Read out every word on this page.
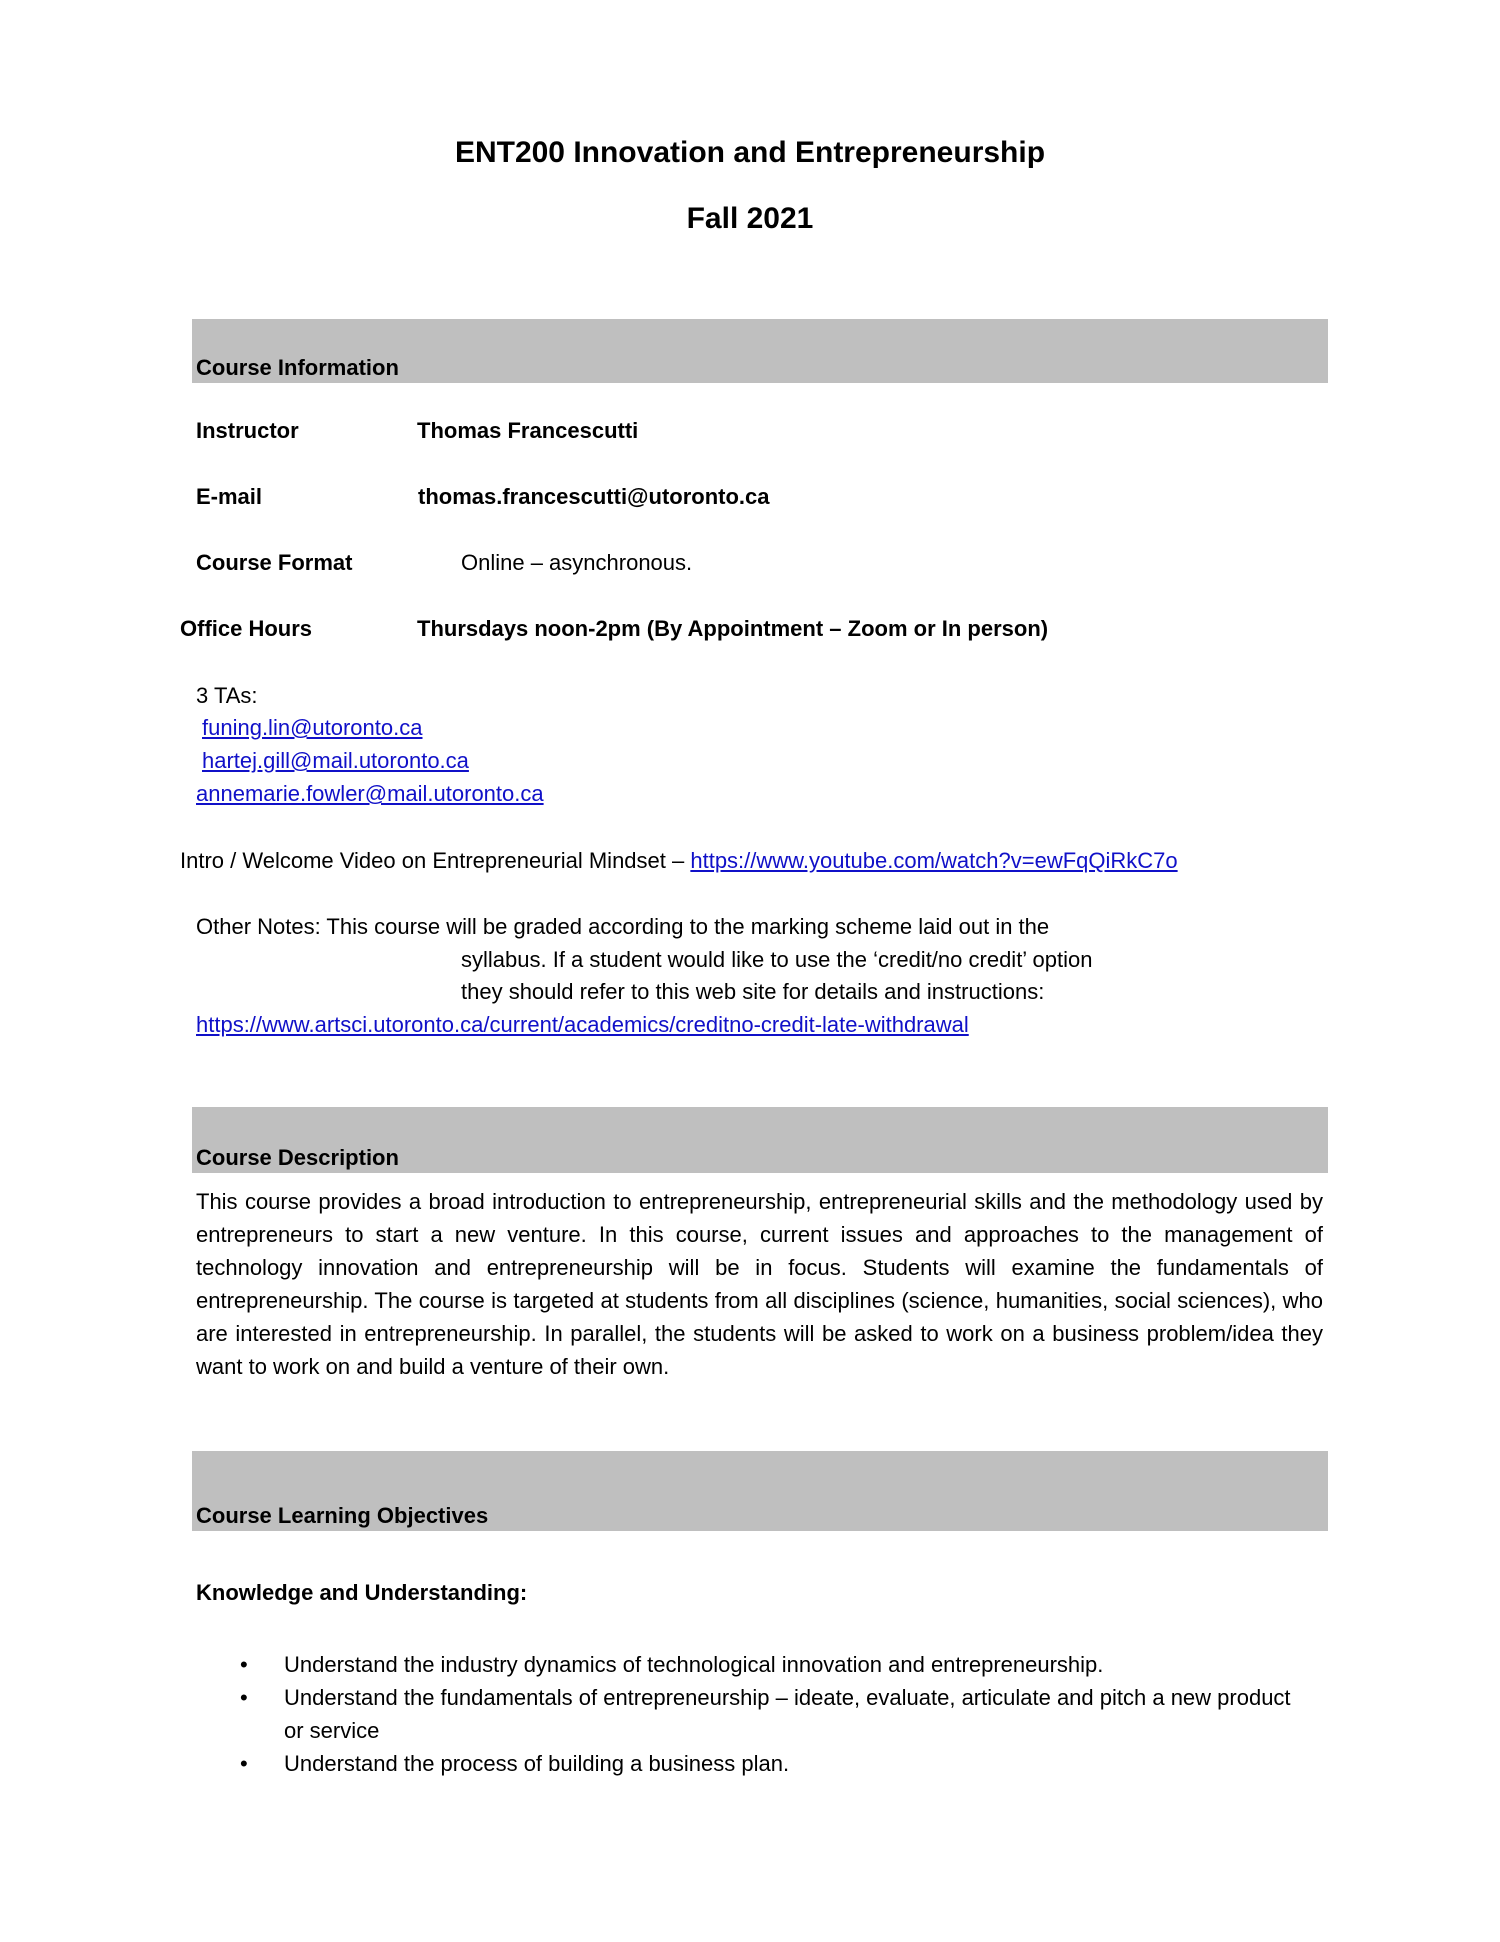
ENT200 Innovation and Entrepreneurship
Fall 2021
Course Information
Instructor	Thomas Francescutti
E-mail	thomas.francescutti@utoronto.ca
Course Format	Online – asynchronous.
Office Hours	Thursdays noon-2pm (By Appointment – Zoom or In person)
3 TAs:
funing.lin@utoronto.ca
hartej.gill@mail.utoronto.ca
annemarie.fowler@mail.utoronto.ca
Intro / Welcome Video on Entrepreneurial Mindset – https://www.youtube.com/watch?v=ewFqQiRkC7o
Other Notes: This course will be graded according to the marking scheme laid out in the
syllabus. If a student would like to use the ‘credit/no credit’ option
they should refer to this web site for details and instructions:
https://www.artsci.utoronto.ca/current/academics/creditno-credit-late-withdrawal
Course Description
This course provides a broad introduction to entrepreneurship, entrepreneurial skills and the methodology used by entrepreneurs to start a new venture. In this course, current issues and approaches to the management of technology innovation and entrepreneurship will be in focus. Students will examine the fundamentals of entrepreneurship. The course is targeted at students from all disciplines (science, humanities, social sciences), who are interested in entrepreneurship. In parallel, the students will be asked to work on a business problem/idea they want to work on and build a venture of their own.
Course Learning Objectives
Knowledge and Understanding:
• Understand the industry dynamics of technological innovation and entrepreneurship.
• Understand the fundamentals of entrepreneurship – ideate, evaluate, articulate and pitch a new product or service
• Understand the process of building a business plan.
